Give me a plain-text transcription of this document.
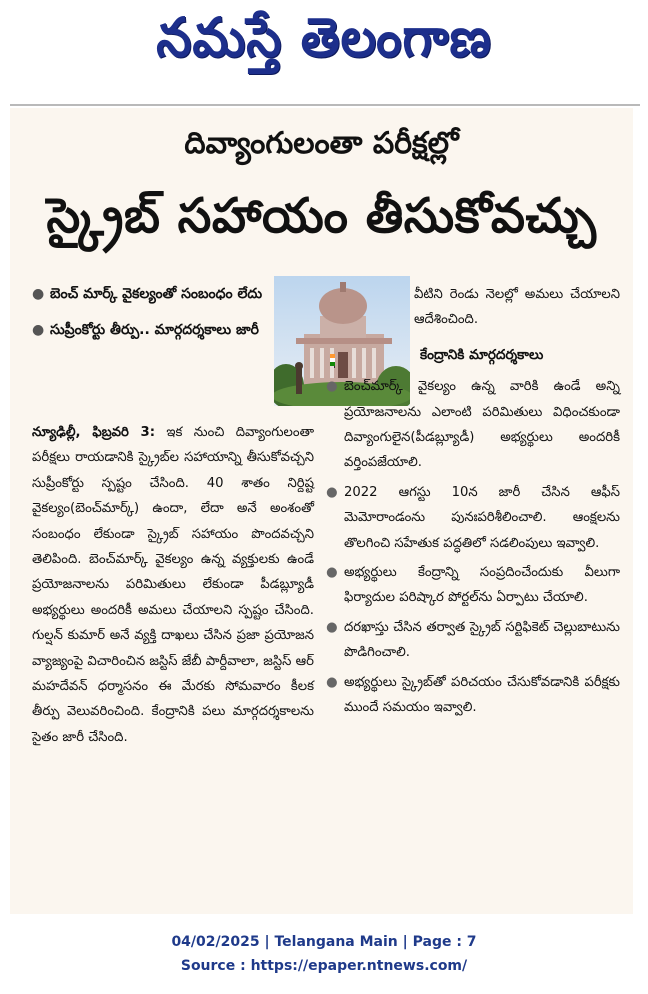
నమస్తే తెలంగాణ
దివ్యాంగులంతా పరీక్షల్లో
స్క్రైబ్ సహాయం తీసుకోవచ్చు
● బెంచ్ మార్క్ వైకల్యంతో సంబంధం లేదు
● సుప్రీంకోర్టు తీర్పు.. మార్గదర్శకాలు జారీ
న్యూఢిల్లీ, ఫిబ్రవరి 3: ఇక నుంచి దివ్యాంగులంతా పరీక్షలు రాయడానికి స్క్రైబ్‌ల సహాయాన్ని తీసుకోవచ్చని సుప్రీంకోర్టు స్పష్టం చేసింది. 40 శాతం నిర్దిష్ట వైకల్యం(బెంచ్‌మార్క్) ఉందా, లేదా అనే అంశంతో సంబంధం లేకుండా స్క్రైబ్ సహాయం పొందవచ్చని తెలిపింది. బెంచ్‌మార్క్ వైకల్యం ఉన్న వ్యక్తులకు ఉండే ప్రయోజనాలను పరిమితులు లేకుండా పీడబ్ల్యూడీ అభ్యర్థులు అందరికీ అమలు చేయాలని స్పష్టం చేసింది. గుల్షన్ కుమార్ అనే వ్యక్తి దాఖలు చేసిన ప్రజా ప్రయోజన వ్యాజ్యంపై విచారించిన జస్టిస్ జేబీ పార్దీవాలా, జస్టిస్ ఆర్ మహదేవన్ ధర్మాసనం ఈ మేరకు సోమవారం కీలక తీర్పు వెలువరించింది. కేంద్రానికి పలు మార్గదర్శకాలను సైతం జారీ చేసింది.
వీటిని రెండు నెలల్లో అమలు చేయాలని ఆదేశించింది.
కేంద్రానికి మార్గదర్శకాలు
● బెంచ్‌మార్క్ వైకల్యం ఉన్న వారికి ఉండే అన్ని ప్రయోజనాలను ఎలాంటి పరిమితులు విధించకుండా దివ్యాంగులైన(పీడబ్ల్యూడీ) అభ్యర్థులు అందరికీ వర్తింపజేయాలి.
● 2022 ఆగస్టు 10న జారీ చేసిన ఆఫీస్ మెమోరాండంను పునఃపరిశీలించాలి. ఆంక్షలను తొలగించి సహేతుక పద్ధతిలో సడలింపులు ఇవ్వాలి.
● అభ్యర్థులు కేంద్రాన్ని సంప్రదించేందుకు వీలుగా ఫిర్యాదుల పరిష్కార పోర్టల్‌ను ఏర్పాటు చేయాలి.
● దరఖాస్తు చేసిన తర్వాత స్క్రైబ్ సర్టిఫికెట్ చెల్లుబాటును పొడిగించాలి.
● అభ్యర్థులు స్క్రైబ్‌తో పరిచయం చేసుకోవడానికి పరీక్షకు ముందే సమయం ఇవ్వాలి.
04/02/2025 | Telangana Main | Page : 7
Source : https://epaper.ntnews.com/
